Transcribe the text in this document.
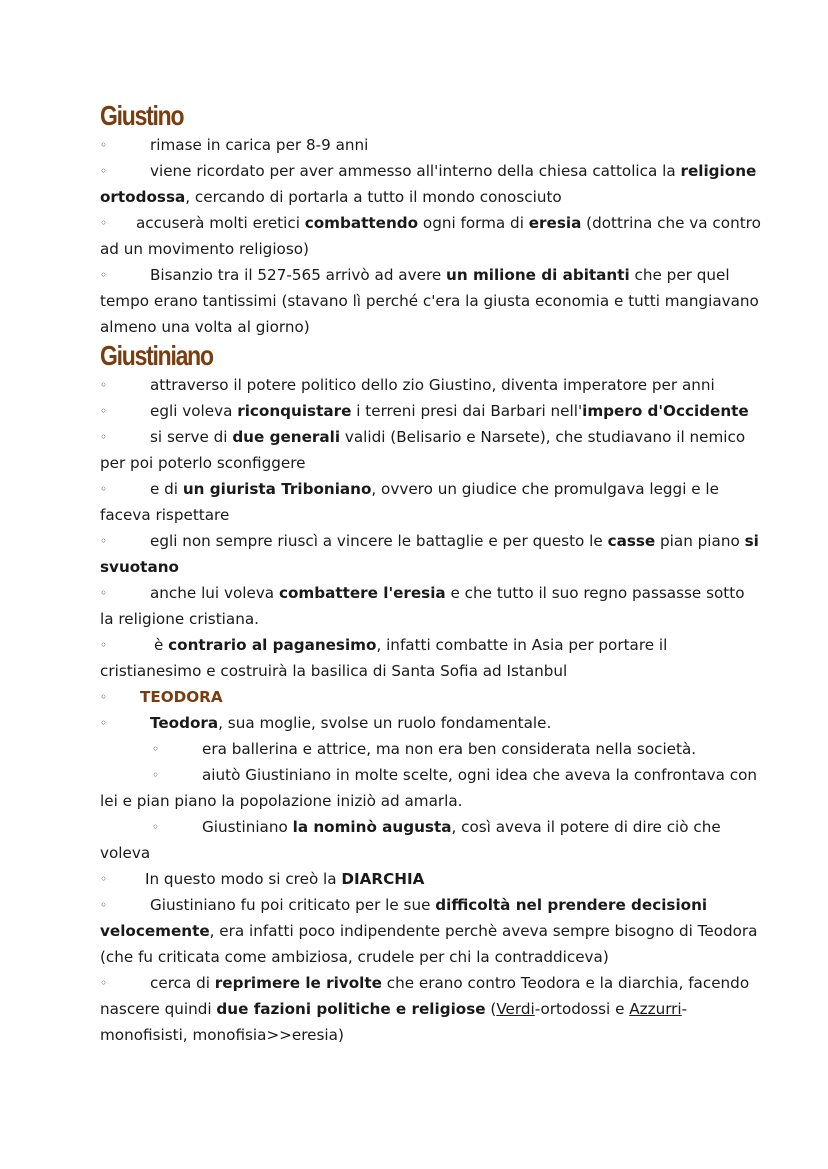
Giustino

◦	rimase in carica per 8-9 anni

◦	viene ricordato per aver ammesso all'interno della chiesa cattolica la religione ortodossa, cercando di portarla a tutto il mondo conosciuto

◦ accuserà molti eretici combattendo ogni forma di eresia (dottrina che va contro ad un movimento religioso)

◦	Bisanzio tra il 527-565 arrivò ad avere un milione di abitanti che per quel tempo erano tantissimi (stavano lì perché c'era la giusta economia e tutti mangiavano almeno una volta al giorno)

Giustiniano

◦	attraverso il potere politico dello zio Giustino, diventa imperatore per anni

◦	egli voleva riconquistare i terreni presi dai Barbari nell'impero d'Occidente

◦	si serve di due generali validi (Belisario e Narsete), che studiavano il nemico per poi poterlo sconfiggere

◦	e di un giurista Triboniano, ovvero un giudice che promulgava leggi e le faceva rispettare

◦	egli non sempre riuscì a vincere le battaglie e per questo le casse pian piano si svuotano

◦	anche lui voleva combattere l'eresia e che tutto il suo regno passasse sotto la religione cristiana.

◦	è contrario al paganesimo, infatti combatte in Asia per portare il cristianesimo e costruirà la basilica di Santa Sofia ad Istanbul

◦ TEODORA

◦	Teodora, sua moglie, svolse un ruolo fondamentale.

◦	era ballerina e attrice, ma non era ben considerata nella società.

◦	aiutò Giustiniano in molte scelte, ogni idea che aveva la confrontava con lei e pian piano la popolazione iniziò ad amarla.

◦	Giustiniano la nominò augusta, così aveva il potere di dire ciò che voleva

◦ In questo modo si creò la DIARCHIA

◦	Giustiniano fu poi criticato per le sue difficoltà nel prendere decisioni velocemente, era infatti poco indipendente perchè aveva sempre bisogno di Teodora (che fu criticata come ambiziosa, crudele per chi la contraddiceva)

◦	cerca di reprimere le rivolte che erano contro Teodora e la diarchia, facendo nascere quindi due fazioni politiche e religiose (Verdi-ortodossi e Azzurri-monofisisti, monofisia>>eresia)
